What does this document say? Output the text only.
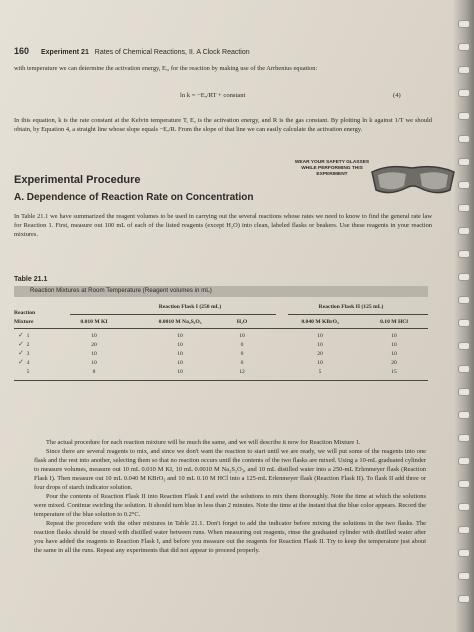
160 Experiment 21 Rates of Chemical Reactions, II. A Clock Reaction

with temperature we can determine the activation energy, Eₐ, for the reaction by making use of the Arrhenius equation:

ln k = −Eₐ/RT + constant	(4)

In this equation, k is the rate constant at the Kelvin temperature T, Eₐ is the activation energy, and R is the gas constant. By plotting ln k against 1/T we should obtain, by Equation 4, a straight line whose slope equals −Eₐ/R. From the slope of that line we can easily calculate the activation energy.

WEAR YOUR SAFETY GLASSES WHILE PERFORMING THIS EXPERIMENT
Experimental Procedure
A. Dependence of Reaction Rate on Concentration

In Table 21.1 we have summarized the reagent volumes to be used in carrying out the several reactions whose rates we need to know to find the general rate law for Reaction 1. First, measure out 100 mL of each of the listed reagents (except H₂O) into clean, labeled flasks or beakers. Use these reagents in your reaction mixtures.

Table 21.1
Reaction Mixtures at Room Temperature (Reagent volumes in mL)
Reaction Flask I (250 mL)	Reaction Flask II (125 mL)
Reaction
Mixture	0.010 M KI	0.0010 M Na₂S₂O₃	H₂O	0.040 M KBrO₃	0.10 M HCl
✓ 1	10	10	10	10	10
✓ 2	20	10	0	10	10
✓ 3	10	10	0	20	10
✓ 4	10	10	0	10	20
5	8	10	12	5	15

The actual procedure for each reaction mixture will be much the same, and we will describe it now for Reaction Mixture 1.

Since there are several reagents to mix, and since we don't want the reaction to start until we are ready, we will put some of the reagents into one flask and the rest into another, selecting them so that no reaction occurs until the contents of the two flasks are mixed. Using a 10-mL graduated cylinder to measure volumes, measure out 10 mL 0.010 M KI, 10 mL 0.0010 M Na₂S₂O₃, and 10 mL distilled water into a 250-mL Erlenmeyer flask (Reaction Flask I). Then measure out 10 mL 0.040 M KBrO₃ and 10 mL 0.10 M HCl into a 125-mL Erlenmeyer flask (Reaction Flask II). To flask II add three or four drops of starch indicator solution.

Pour the contents of Reaction Flask II into Reaction Flask I and swirl the solutions to mix them thoroughly. Note the time at which the solutions were mixed. Continue swirling the solution. It should turn blue in less than 2 minutes. Note the time at the instant that the blue color appears. Record the temperature of the blue solution to 0.2°C.

Repeat the procedure with the other mixtures in Table 21.1. Don't forget to add the indicator before mixing the solutions in the two flasks. The reaction flasks should be rinsed with distilled water between runs. When measuring out reagents, rinse the graduated cylinder with distilled water after you have added the reagents to Reaction Flask I, and before you measure out the reagents for Reaction Flask II. Try to keep the temperature just about the same in all the runs. Repeat any experiments that did not appear to proceed properly.
